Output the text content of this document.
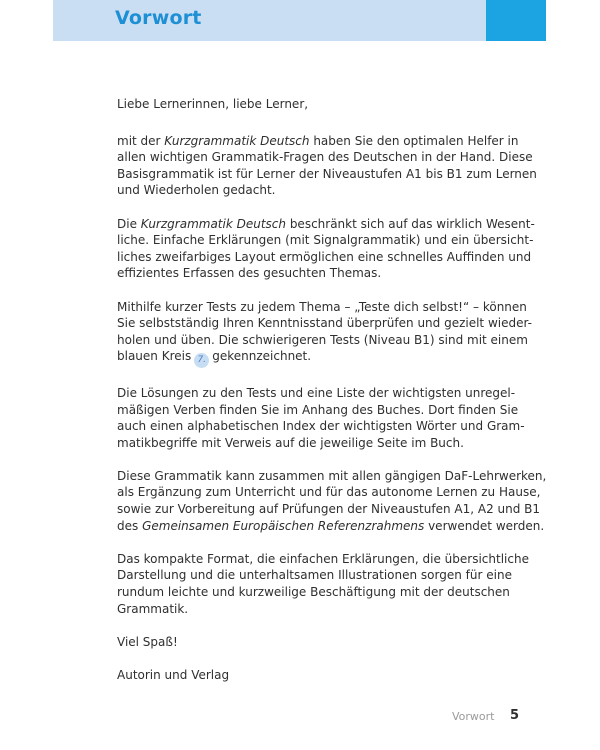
Vorwort

Liebe Lernerinnen, liebe Lerner,

mit der Kurzgrammatik Deutsch haben Sie den optimalen Helfer in
allen wichtigen Grammatik-Fragen des Deutschen in der Hand. Diese
Basisgrammatik ist für Lerner der Niveaustufen A1 bis B1 zum Lernen
und Wiederholen gedacht.

Die Kurzgrammatik Deutsch beschränkt sich auf das wirklich Wesent-
liche. Einfache Erklärungen (mit Signalgrammatik) und ein übersicht-
liches zweifarbiges Layout ermöglichen eine schnelles Auffinden und
effizientes Erfassen des gesuchten Themas.

Mithilfe kurzer Tests zu jedem Thema – „Teste dich selbst!“ – können
Sie selbstständig Ihren Kenntnisstand überprüfen und gezielt wieder-
holen und üben. Die schwierigeren Tests (Niveau B1) sind mit einem
blauen Kreis 7. gekennzeichnet.

Die Lösungen zu den Tests und eine Liste der wichtigsten unregel-
mäßigen Verben finden Sie im Anhang des Buches. Dort finden Sie
auch einen alphabetischen Index der wichtigsten Wörter und Gram-
matikbegriffe mit Verweis auf die jeweilige Seite im Buch.

Diese Grammatik kann zusammen mit allen gängigen DaF-Lehrwerken,
als Ergänzung zum Unterricht und für das autonome Lernen zu Hause,
sowie zur Vorbereitung auf Prüfungen der Niveaustufen A1, A2 und B1
des Gemeinsamen Europäischen Referenzrahmens verwendet werden.

Das kompakte Format, die einfachen Erklärungen, die übersichtliche
Darstellung und die unterhaltsamen Illustrationen sorgen für eine
rundum leichte und kurzweilige Beschäftigung mit der deutschen
Grammatik.

Viel Spaß!

Autorin und Verlag

Vorwort 5
